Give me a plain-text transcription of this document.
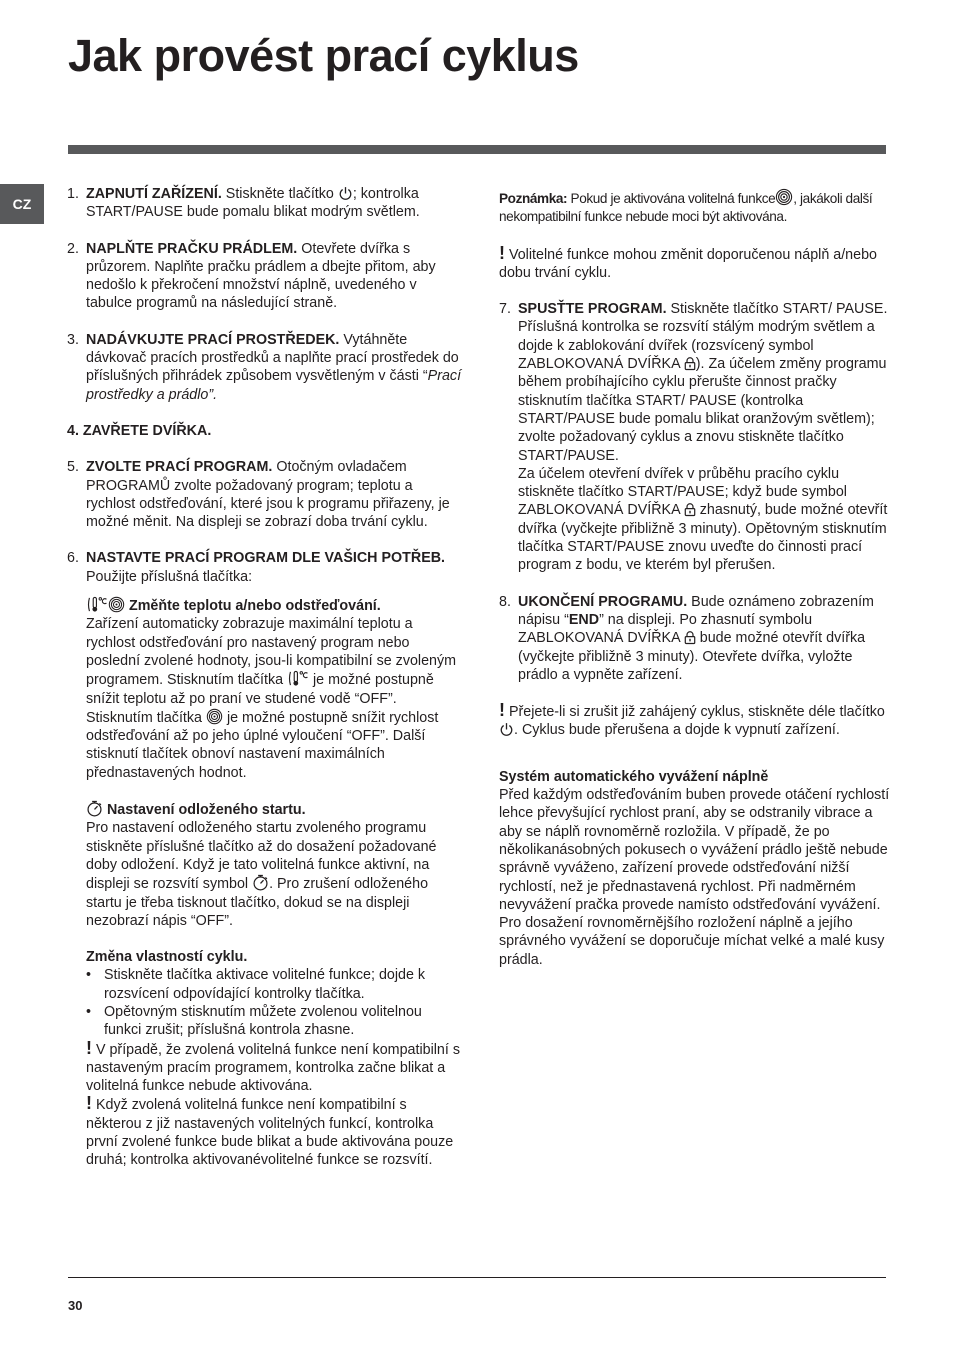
Jak provést prací cyklus
CZ

1. ZAPNUTÍ ZAŘÍZENÍ. Stiskněte tlačítko ; kontrolka START/PAUSE bude pomalu blikat modrým světlem.

2. NAPLŇTE PRAČKU PRÁDLEM. Otevřete dvířka s průzorem. Naplňte pračku prádlem a dbejte přitom, aby nedošlo k překročení množství náplně, uvedeného v tabulce programů na následující straně.

3. NADÁVKUJTE PRACÍ PROSTŘEDEK. Vytáhněte dávkovač pracích prostředků a naplňte prací prostředek do příslušných přihrádek způsobem vysvětleným v části “Prací prostředky a prádlo”.

4. ZAVŘETE DVÍŘKA.

5. ZVOLTE PRACÍ PROGRAM. Otočným ovladačem PROGRAMŮ zvolte požadovaný program; teplotu a rychlost odstřeďování, které jsou k programu přiřazeny, je možné měnit. Na displeji se zobrazí doba trvání cyklu.

6. NASTAVTE PRACÍ PROGRAM DLE VAŠICH POTŘEB. Použijte příslušná tlačítka:

Změňte teplotu a/nebo odstřeďování.
Zařízení automaticky zobrazuje maximální teplotu a rychlost odstřeďování pro nastavený program nebo poslední zvolené hodnoty, jsou-li kompatibilní se zvoleným programem. Stisknutím tlačítka  je možné postupně snížit teplotu až po praní ve studené vodě “OFF”. Stisknutím tlačítka  je možné postupně snížit rychlost odstřeďování až po jeho úplné vyloučení “OFF”. Další stisknutí tlačítek obnoví nastavení maximálních přednastavených hodnot.

Nastavení odloženého startu.
Pro nastavení odloženého startu zvoleného programu stiskněte příslušné tlačítko až do dosažení požadované doby odložení. Když je tato volitelná funkce aktivní, na displeji se rozsvítí symbol . Pro zrušení odloženého startu je třeba tisknout tlačítko, dokud se na displeji nezobrazí nápis “OFF”.

Změna vlastností cyklu.

• Stiskněte tlačítka aktivace volitelné funkce; dojde k rozsvícení odpovídající kontrolky tlačítka.

• Opětovným stisknutím můžete zvolenou volitelnou funkci zrušit; příslušná kontrola zhasne.

! V případě, že zvolená volitelná funkce není kompatibilní s nastaveným pracím programem, kontrolka začne blikat a volitelná funkce nebude aktivována.

! Když zvolená volitelná funkce není kompatibilní s některou z již nastavených volitelných funkcí, kontrolka první zvolené funkce bude blikat a bude aktivována pouze druhá; kontrolka aktivovanévolitelné funkce se rozsvítí.

Poznámka: Pokud je aktivována volitelná funkce , jakákoli další nekompatibilní funkce nebude moci být aktivována.

! Volitelné funkce mohou změnit doporučenou náplň a/nebo dobu trvání cyklu.

7. SPUSŤTE PROGRAM. Stiskněte tlačítko START/ PAUSE. Příslušná kontrolka se rozsvítí stálým modrým světlem a dojde k zablokování dvířek (rozsvícený symbol ZABLOKOVANÁ DVÍŘKA ). Za účelem změny programu během probíhajícího cyklu přerušte činnost pračky stisknutím tlačítka START/ PAUSE (kontrolka START/PAUSE bude pomalu blikat oranžovým světlem); zvolte požadovaný cyklus a znovu stiskněte tlačítko START/PAUSE.
Za účelem otevření dvířek v průběhu pracího cyklu stiskněte tlačítko START/PAUSE; když bude symbol ZABLOKOVANÁ DVÍŘKA  zhasnutý, bude možné otevřít dvířka (vyčkejte přibližně 3 minuty). Opětovným stisknutím tlačítka START/PAUSE znovu uveďte do činnosti prací program z bodu, ve kterém byl přerušen.

8. UKONČENÍ PROGRAMU. Bude oznámeno zobrazením nápisu “END” na displeji. Po zhasnutí symbolu ZABLOKOVANÁ DVÍŘKA  bude možné otevřít dvířka (vyčkejte přibližně 3 minuty). Otevřete dvířka, vyložte prádlo a vypněte zařízení.

! Přejete-li si zrušit již zahájený cyklus, stiskněte déle tlačítko . Cyklus bude přerušena a dojde k vypnutí zařízení.

Systém automatického vyvážení náplně

Před každým odstřeďováním buben provede otáčení rychlostí lehce převyšující rychlost praní, aby se odstranily vibrace a aby se náplň rovnoměrně rozložila. V případě, že po několikanásobných pokusech o vyvážení prádlo ještě nebude správně vyváženo, zařízení provede odstřeďování nižší rychlostí, než je přednastavená rychlost. Při nadměrném nevyvážení pračka provede namísto odstřeďování vyvážení. Pro dosažení rovnoměrnějšího rozložení náplně a jejího správného vyvážení se doporučuje míchat velké a malé kusy prádla.

30
